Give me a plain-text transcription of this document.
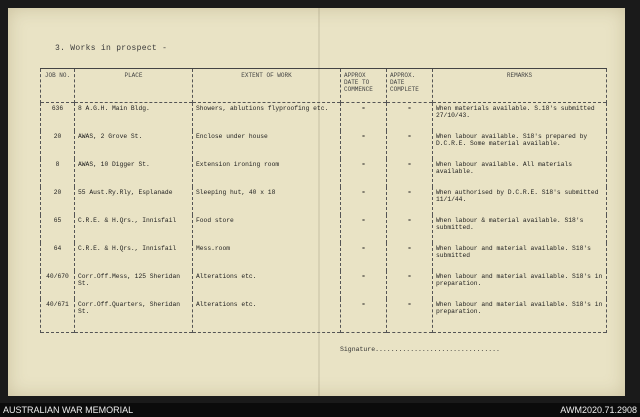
3. Works in prospect -
JOB NO.	PLACE	EXTENT OF WORK	APPROX DATE TO COMMENCE	APPROX. DATE COMPLETE	REMARKS
636	8 A.G.H. Main Bldg.	Showers, ablutions flyproofing etc.	-	-	When materials available. S.18's submitted 27/10/43.
20	AWAS, 2 Grove St.	Enclose under house	-	-	When labour available. S18's prepared by D.C.R.E. Some material available.
8	AWAS, 10 Digger St.	Extension ironing room	-	-	When labour available. All materials available.
20	55 Aust.Ry.Rly, Esplanade	Sleeping hut, 40 x 18	-	-	When authorised by D.C.R.E. S18's submitted 11/1/44.
65	C.R.E. & H.Qrs., Innisfail	Food store	-	-	When labour & material available. S18's submitted.
64	C.R.E. & H.Qrs., Innisfail	Mess.room	-	-	When labour and material available. S18's submitted
40/670	Corr.Off.Mess, 125 Sheridan St.	Alterations etc.	-	-	When labour and material available. S18's in preparation.
40/671	Corr.Off.Quarters, Sheridan St.	Alterations etc.	-	-	When labour and material available. S18's in preparation.
Signature................................
AUSTRALIAN WAR MEMORIAL	AWM2020.71.2908
